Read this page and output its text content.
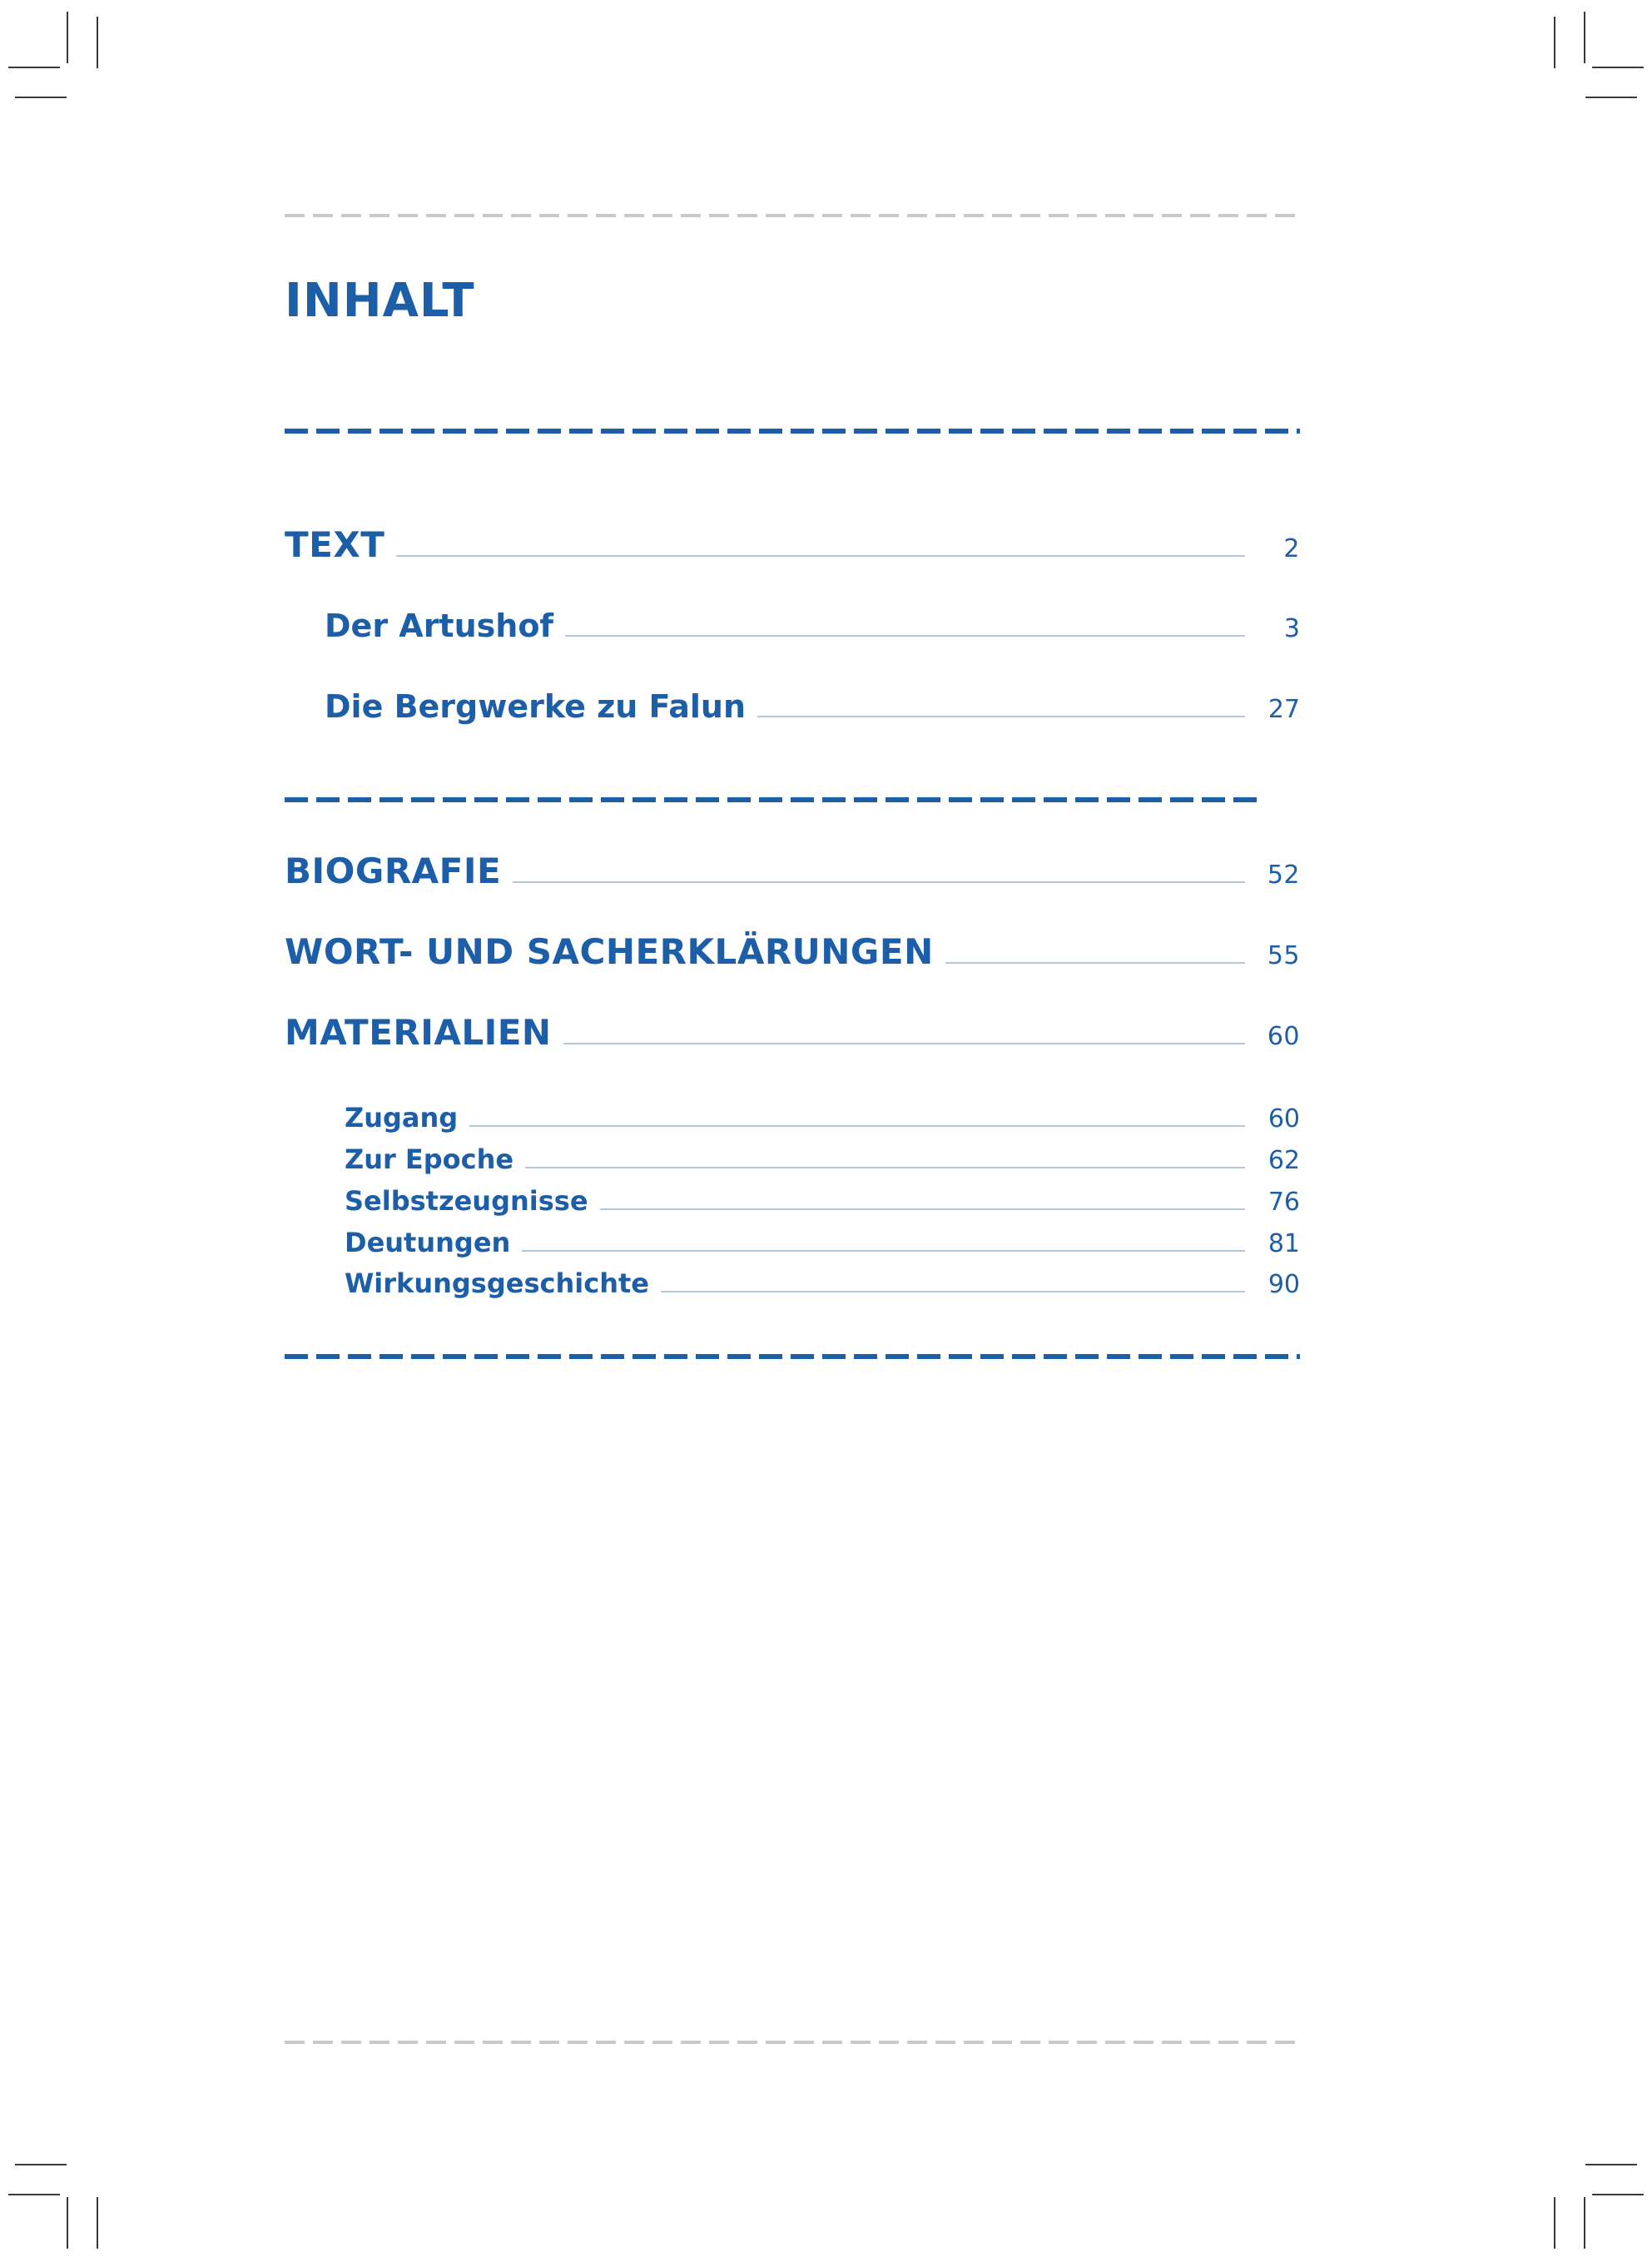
INHALT
TEXT	2
Der Artushof	3
Die Bergwerke zu Falun	27
BIOGRAFIE	52
WORT- UND SACHERKLÄRUNGEN	55
MATERIALIEN	60
Zugang	60
Zur Epoche	62
Selbstzeugnisse	76
Deutungen	81
Wirkungsgeschichte	90
